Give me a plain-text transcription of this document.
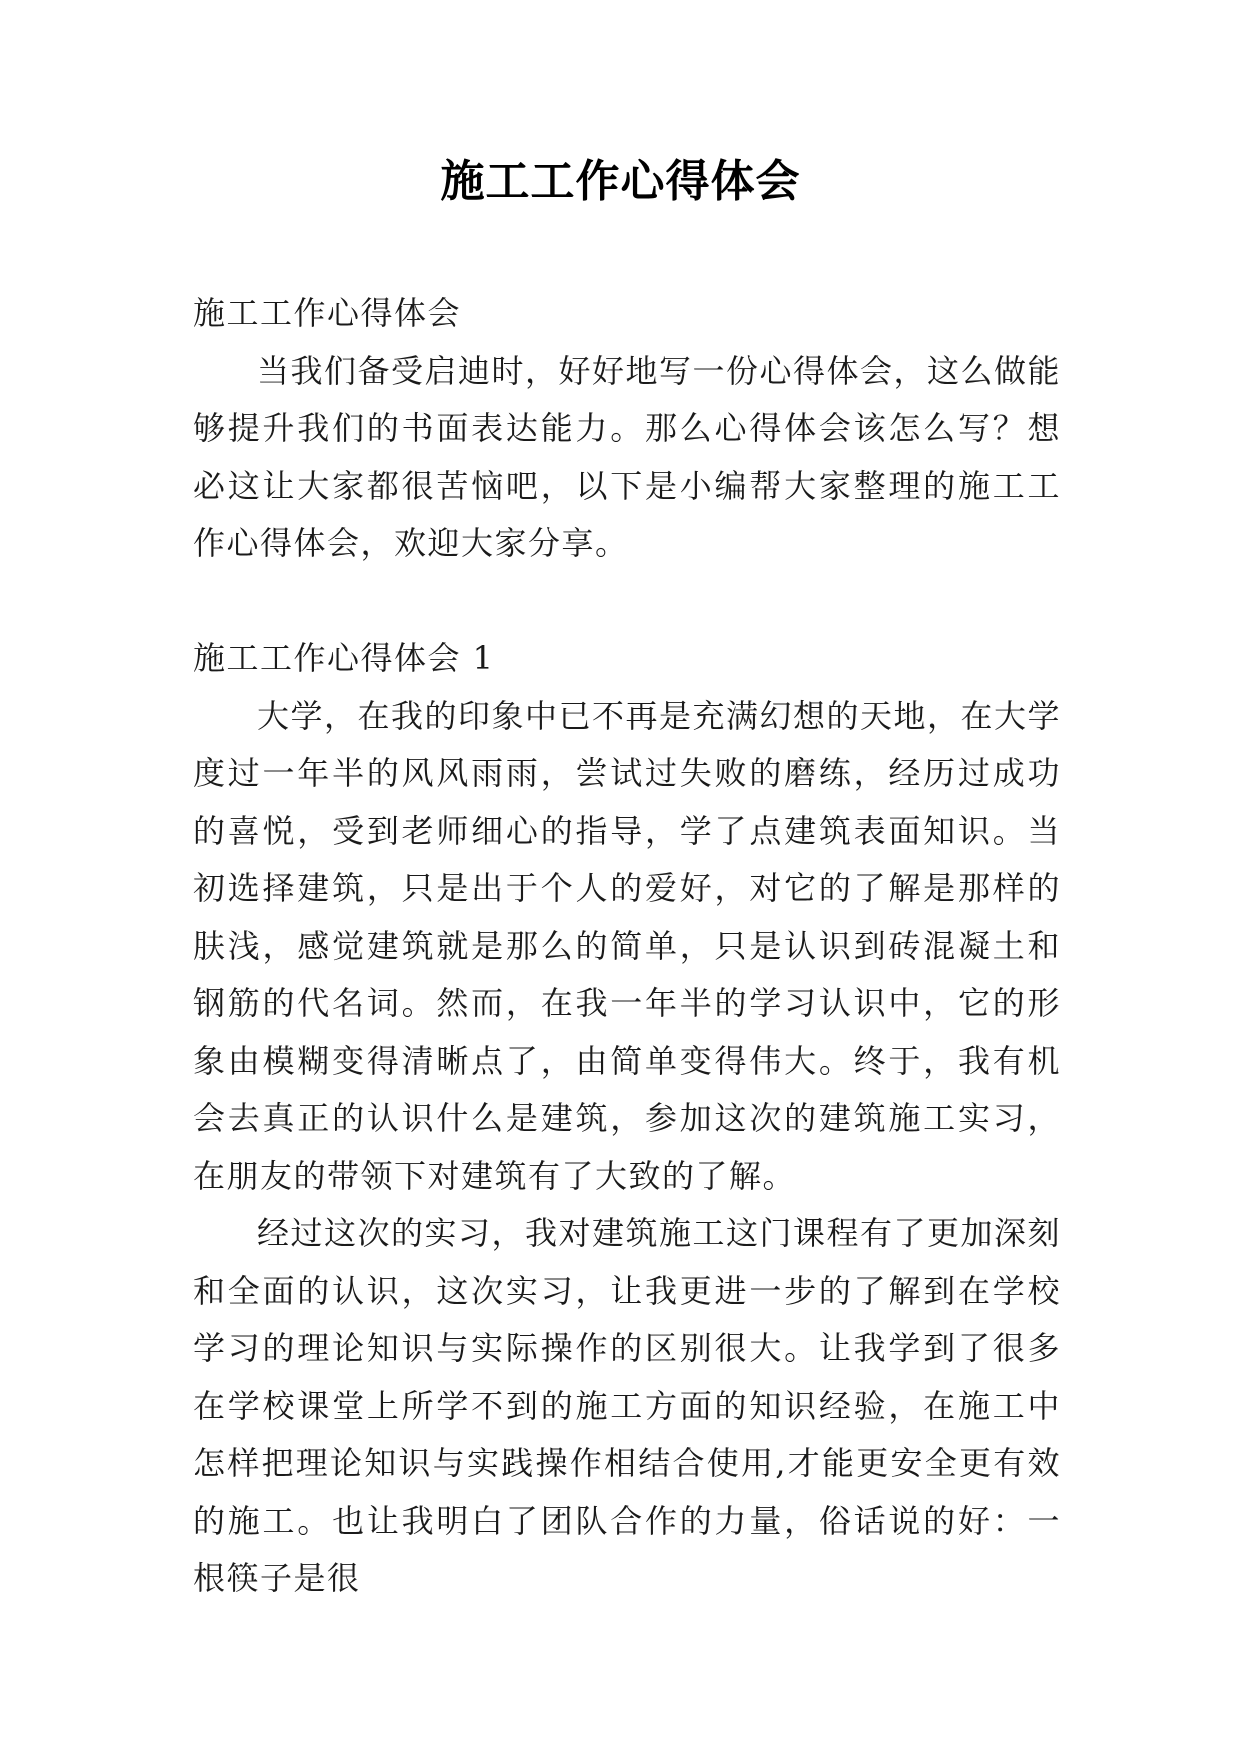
施工工作心得体会

施工工作心得体会

当我们备受启迪时，好好地写一份心得体会，这么做能够提升我们的书面表达能力。那么心得体会该怎么写？想必这让大家都很苦恼吧，以下是小编帮大家整理的施工工作心得体会，欢迎大家分享。

施工工作心得体会 1

大学，在我的印象中已不再是充满幻想的天地，在大学度过一年半的风风雨雨，尝试过失败的磨练，经历过成功的喜悦，受到老师细心的指导，学了点建筑表面知识。当初选择建筑，只是出于个人的爱好，对它的了解是那样的肤浅，感觉建筑就是那么的简单，只是认识到砖混凝土和钢筋的代名词。然而，在我一年半的学习认识中，它的形象由模糊变得清晰点了，由简单变得伟大。终于，我有机会去真正的认识什么是建筑，参加这次的建筑施工实习，在朋友的带领下对建筑有了大致的了解。

经过这次的实习，我对建筑施工这门课程有了更加深刻和全面的认识，这次实习，让我更进一步的了解到在学校学习的理论知识与实际操作的区别很大。让我学到了很多在学校课堂上所学不到的施工方面的知识经验，在施工中怎样把理论知识与实践操作相结合使用,才能更安全更有效的施工。也让我明白了团队合作的力量，俗话说的好：一根筷子是很
